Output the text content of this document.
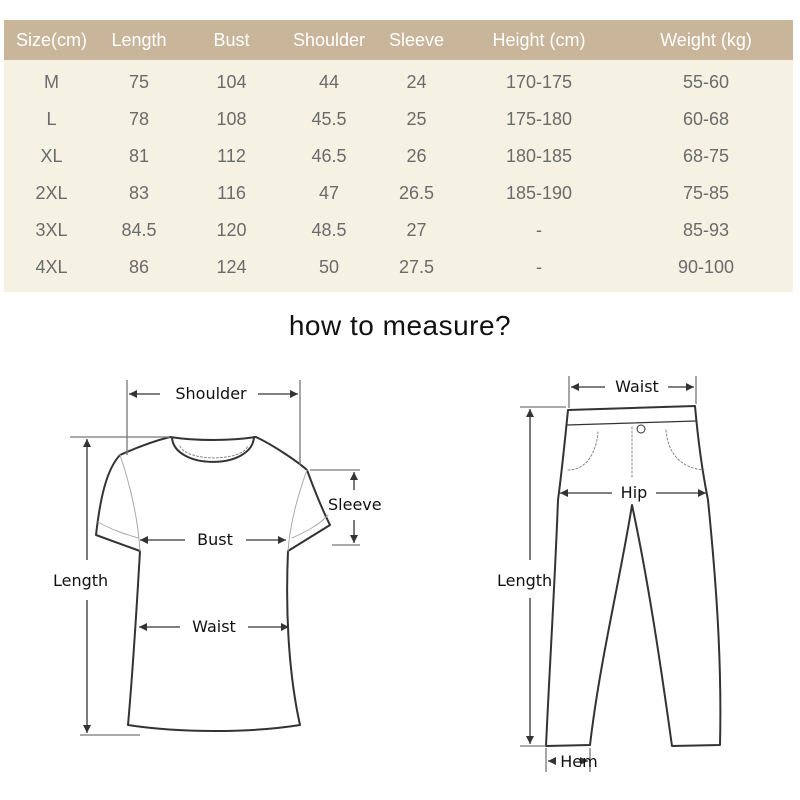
Size(cm)	Length	Bust	Shoulder	Sleeve	Height (cm)	Weight (kg)
M	75	104	44	24	170-175	55-60
L	78	108	45.5	25	175-180	60-68
XL	81	112	46.5	26	180-185	68-75
2XL	83	116	47	26.5	185-190	75-85
3XL	84.5	120	48.5	27	-	85-93
4XL	86	124	50	27.5	-	90-100
how to measure?
Shoulder
Sleeve
Bust
Length
Waist
Waist
Hip
Length
Hem
